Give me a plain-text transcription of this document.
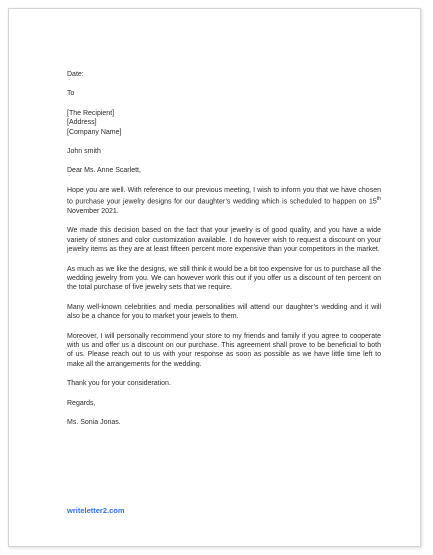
Date:

To

[The Recipient]
[Address]
[Company Name]

John smith

Dear Ms. Anne Scarlett,

Hope you are well. With reference to our previous meeting, I wish to inform you that we have chosen to purchase your jewelry designs for our daughter’s wedding which is scheduled to happen on 15th November 2021.

We made this decision based on the fact that your jewelry is of good quality, and you have a wide variety of stones and color customization available. I do however wish to request a discount on your jewelry items as they are at least fifteen percent more expensive than your competitors in the market.

As much as we like the designs, we still think it would be a bit too expensive for us to purchase all the wedding jewelry from you. We can however work this out if you offer us a discount of ten percent on the total purchase of five jewelry sets that we require.

Many well-known celebrities and media personalities will attend our daughter’s wedding and it will also be a chance for you to market your jewels to them.

Moreover, I will personally recommend your store to my friends and family if you agree to cooperate with us and offer us a discount on our purchase. This agreement shall prove to be beneficial to both of us. Please reach out to us with your response as soon as possible as we have little time left to make all the arrangements for the wedding.

Thank you for your consideration.

Regards,

Ms. Sonia Jonas.

writeletter2.com
